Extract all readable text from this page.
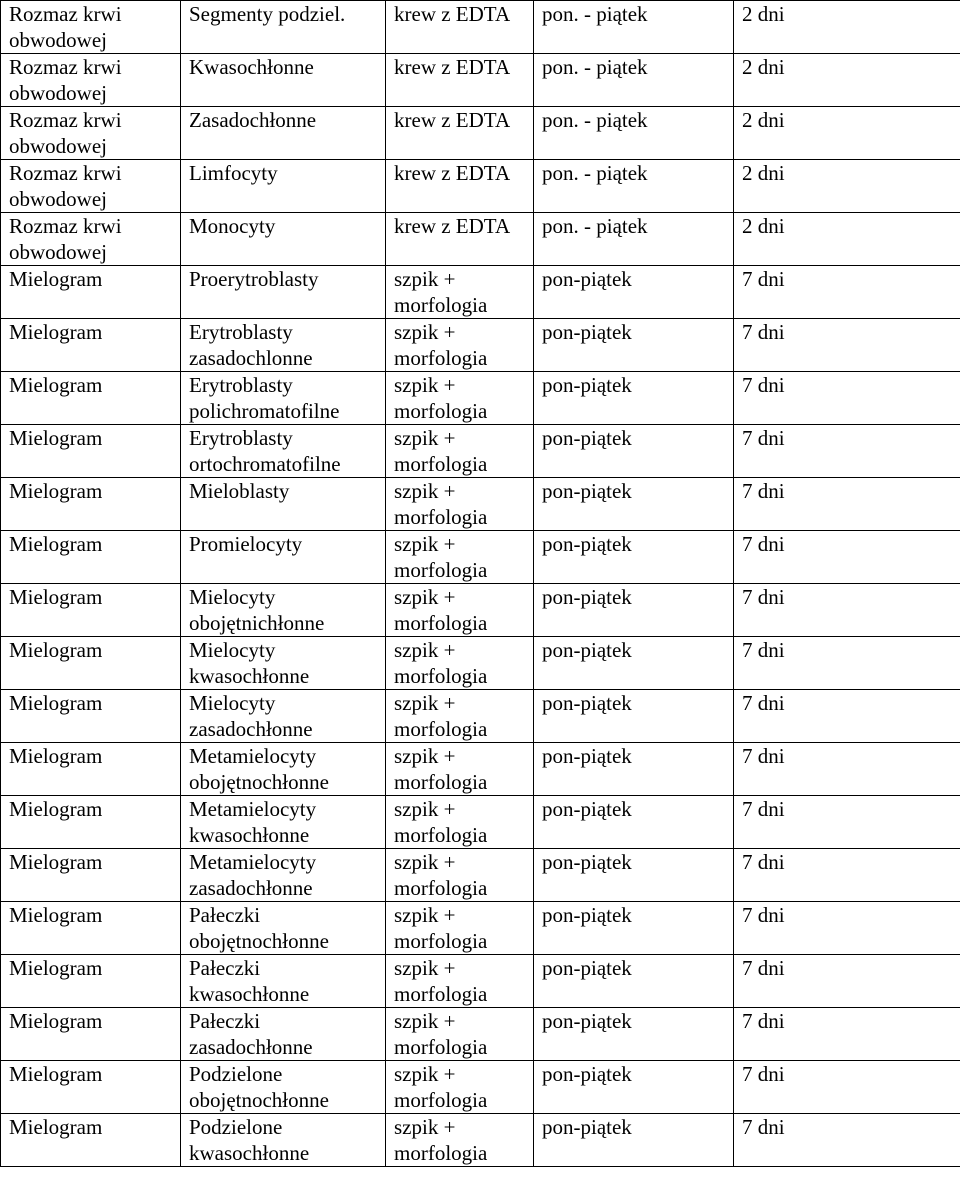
Rozmaz krwi obwodowej	Segmenty podziel.	krew z EDTA	pon. - piątek	2 dni
Rozmaz krwi obwodowej	Kwasochłonne	krew z EDTA	pon. - piątek	2 dni
Rozmaz krwi obwodowej	Zasadochłonne	krew z EDTA	pon. - piątek	2 dni
Rozmaz krwi obwodowej	Limfocyty	krew z EDTA	pon. - piątek	2 dni
Rozmaz krwi obwodowej	Monocyty	krew z EDTA	pon. - piątek	2 dni
Mielogram	Proerytroblasty	szpik + morfologia	pon-piątek	7 dni
Mielogram	Erytroblasty zasadochlonne	szpik + morfologia	pon-piątek	7 dni
Mielogram	Erytroblasty polichromatofilne	szpik + morfologia	pon-piątek	7 dni
Mielogram	Erytroblasty ortochromatofilne	szpik + morfologia	pon-piątek	7 dni
Mielogram	Mieloblasty	szpik + morfologia	pon-piątek	7 dni
Mielogram	Promielocyty	szpik + morfologia	pon-piątek	7 dni
Mielogram	Mielocyty obojętnichłonne	szpik + morfologia	pon-piątek	7 dni
Mielogram	Mielocyty kwasochłonne	szpik + morfologia	pon-piątek	7 dni
Mielogram	Mielocyty zasadochłonne	szpik + morfologia	pon-piątek	7 dni
Mielogram	Metamielocyty obojętnochłonne	szpik + morfologia	pon-piątek	7 dni
Mielogram	Metamielocyty kwasochłonne	szpik + morfologia	pon-piątek	7 dni
Mielogram	Metamielocyty zasadochłonne	szpik + morfologia	pon-piątek	7 dni
Mielogram	Pałeczki obojętnochłonne	szpik + morfologia	pon-piątek	7 dni
Mielogram	Pałeczki kwasochłonne	szpik + morfologia	pon-piątek	7 dni
Mielogram	Pałeczki zasadochłonne	szpik + morfologia	pon-piątek	7 dni
Mielogram	Podzielone obojętnochłonne	szpik + morfologia	pon-piątek	7 dni
Mielogram	Podzielone kwasochłonne	szpik + morfologia	pon-piątek	7 dni
